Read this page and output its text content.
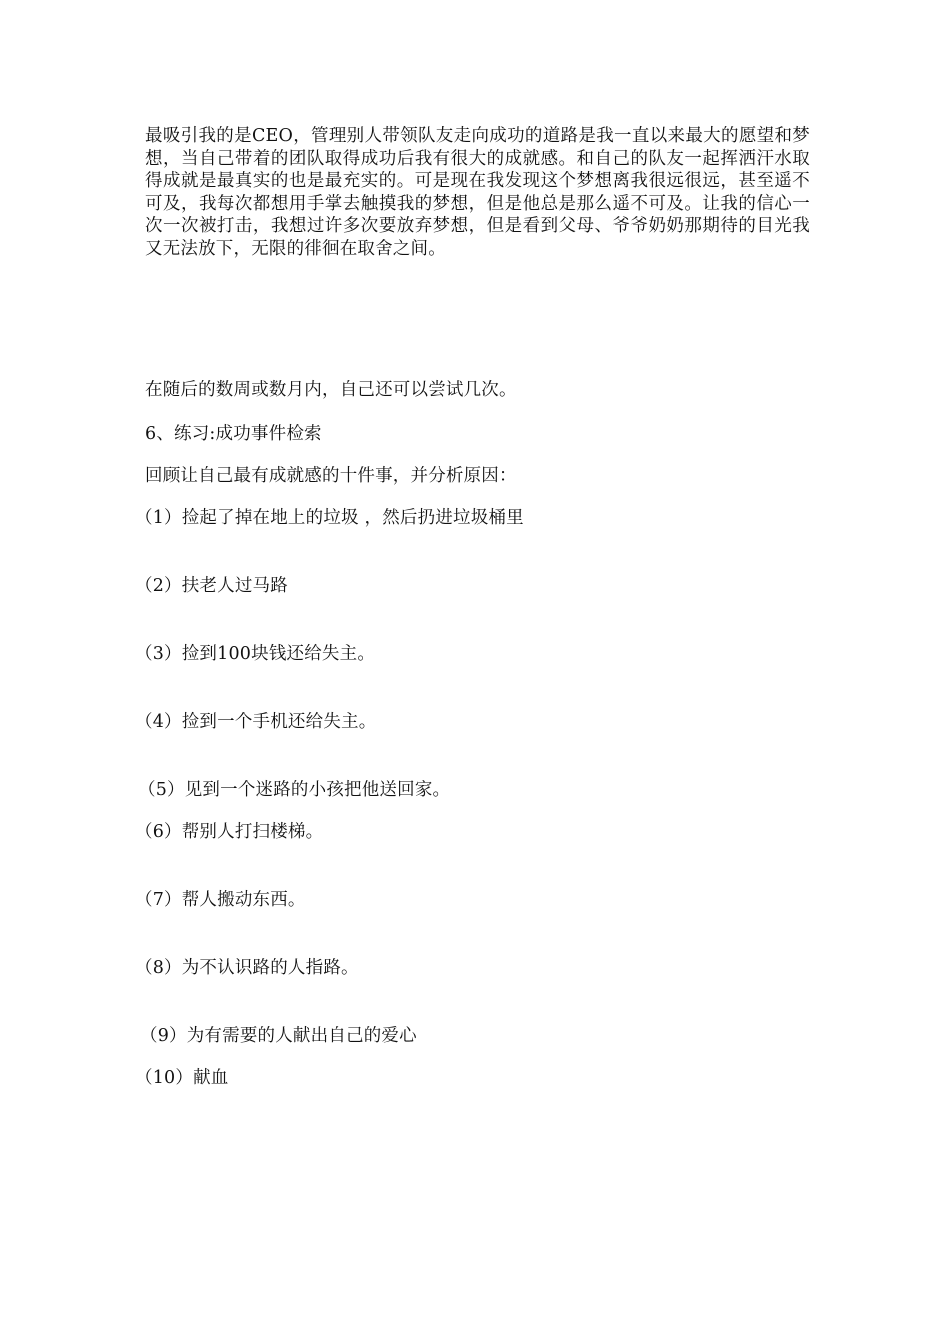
最吸引我的是CEO，管理别人带领队友走向成功的道路是我一直以来最大的愿望和梦想，当自己带着的团队取得成功后我有很大的成就感。和自己的队友一起挥洒汗水取得成就是最真实的也是最充实的。可是现在我发现这个梦想离我很远很远，甚至遥不可及，我每次都想用手掌去触摸我的梦想，但是他总是那么遥不可及。让我的信心一次一次被打击，我想过许多次要放弃梦想，但是看到父母、爷爷奶奶那期待的目光我又无法放下，无限的徘徊在取舍之间。

在随后的数周或数月内，自己还可以尝试几次。

6、练习:成功事件检索

回顾让自己最有成就感的十件事，并分析原因：

（1）捡起了掉在地上的垃圾 ，然后扔进垃圾桶里

（2）扶老人过马路

（3）捡到100块钱还给失主。

（4）捡到一个手机还给失主。

（5）见到一个迷路的小孩把他送回家。

（6）帮别人打扫楼梯。

（7）帮人搬动东西。

（8）为不认识路的人指路。

（9）为有需要的人献出自己的爱心

（10）献血
